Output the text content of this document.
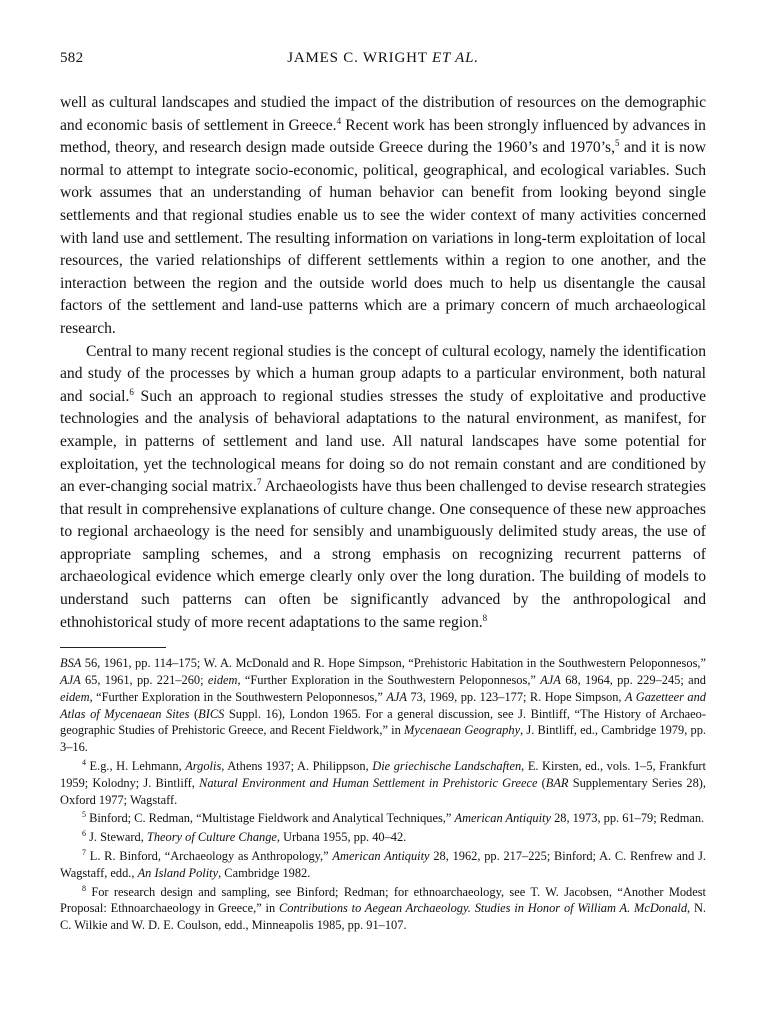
582	JAMES C. WRIGHT ET AL.

well as cultural landscapes and studied the impact of the distribution of resources on the demographic and economic basis of settlement in Greece.$^4$ Recent work has been strongly influenced by advances in method, theory, and research design made outside Greece during the 1960’s and 1970’s,$^5$ and it is now normal to attempt to integrate socio-economic, political, geographical, and ecological variables. Such work assumes that an understanding of human behavior can benefit from looking beyond single settlements and that regional studies enable us to see the wider context of many activities concerned with land use and settlement. The resulting information on variations in long-term exploitation of local resources, the varied relationships of different settlements within a region to one another, and the interaction between the region and the outside world does much to help us disentangle the causal factors of the settlement and land-use patterns which are a primary concern of much archaeological research.

Central to many recent regional studies is the concept of cultural ecology, namely the identification and study of the processes by which a human group adapts to a particular environment, both natural and social.$^6$ Such an approach to regional studies stresses the study of exploitative and productive technologies and the analysis of behavioral adaptations to the natural environment, as manifest, for example, in patterns of settlement and land use. All natural landscapes have some potential for exploitation, yet the technological means for doing so do not remain constant and are conditioned by an ever-changing social matrix.$^7$ Archaeologists have thus been challenged to devise research strategies that result in comprehensive explanations of culture change. One consequence of these new approaches to regional archaeology is the need for sensibly and unambiguously delimited study areas, the use of appropriate sampling schemes, and a strong emphasis on recognizing recurrent patterns of archaeological evidence which emerge clearly only over the long duration. The building of models to understand such patterns can often be significantly advanced by the anthropological and ethnohistorical study of more recent adaptations to the same region.$^8$

BSA 56, 1961, pp. 114–175; W. A. McDonald and R. Hope Simpson, “Prehistoric Habitation in the Southwestern Peloponnesos,” AJA 65, 1961, pp. 221–260; eidem, “Further Exploration in the Southwestern Peloponnesos,” AJA 68, 1964, pp. 229–245; and eidem, “Further Exploration in the Southwestern Peloponnesos,” AJA 73, 1969, pp. 123–177; R. Hope Simpson, A Gazetteer and Atlas of Mycenaean Sites (BICS Suppl. 16), London 1965. For a general discussion, see J. Bintliff, “The History of Archaeo-geographic Studies of Prehistoric Greece, and Recent Fieldwork,” in Mycenaean Geography, J. Bintliff, ed., Cambridge 1979, pp. 3–16.

$^4$ E.g., H. Lehmann, Argolis, Athens 1937; A. Philippson, Die griechische Landschaften, E. Kirsten, ed., vols. 1–5, Frankfurt 1959; Kolodny; J. Bintliff, Natural Environment and Human Settlement in Prehistoric Greece (BAR Supplementary Series 28), Oxford 1977; Wagstaff.

$^5$ Binford; C. Redman, “Multistage Fieldwork and Analytical Techniques,” American Antiquity 28, 1973, pp. 61–79; Redman.

$^6$ J. Steward, Theory of Culture Change, Urbana 1955, pp. 40–42.

$^7$ L. R. Binford, “Archaeology as Anthropology,” American Antiquity 28, 1962, pp. 217–225; Binford; A. C. Renfrew and J. Wagstaff, edd., An Island Polity, Cambridge 1982.

$^8$ For research design and sampling, see Binford; Redman; for ethnoarchaeology, see T. W. Jacobsen, “Another Modest Proposal: Ethnoarchaeology in Greece,” in Contributions to Aegean Archaeology. Studies in Honor of William A. McDonald, N. C. Wilkie and W. D. E. Coulson, edd., Minneapolis 1985, pp. 91–107.
